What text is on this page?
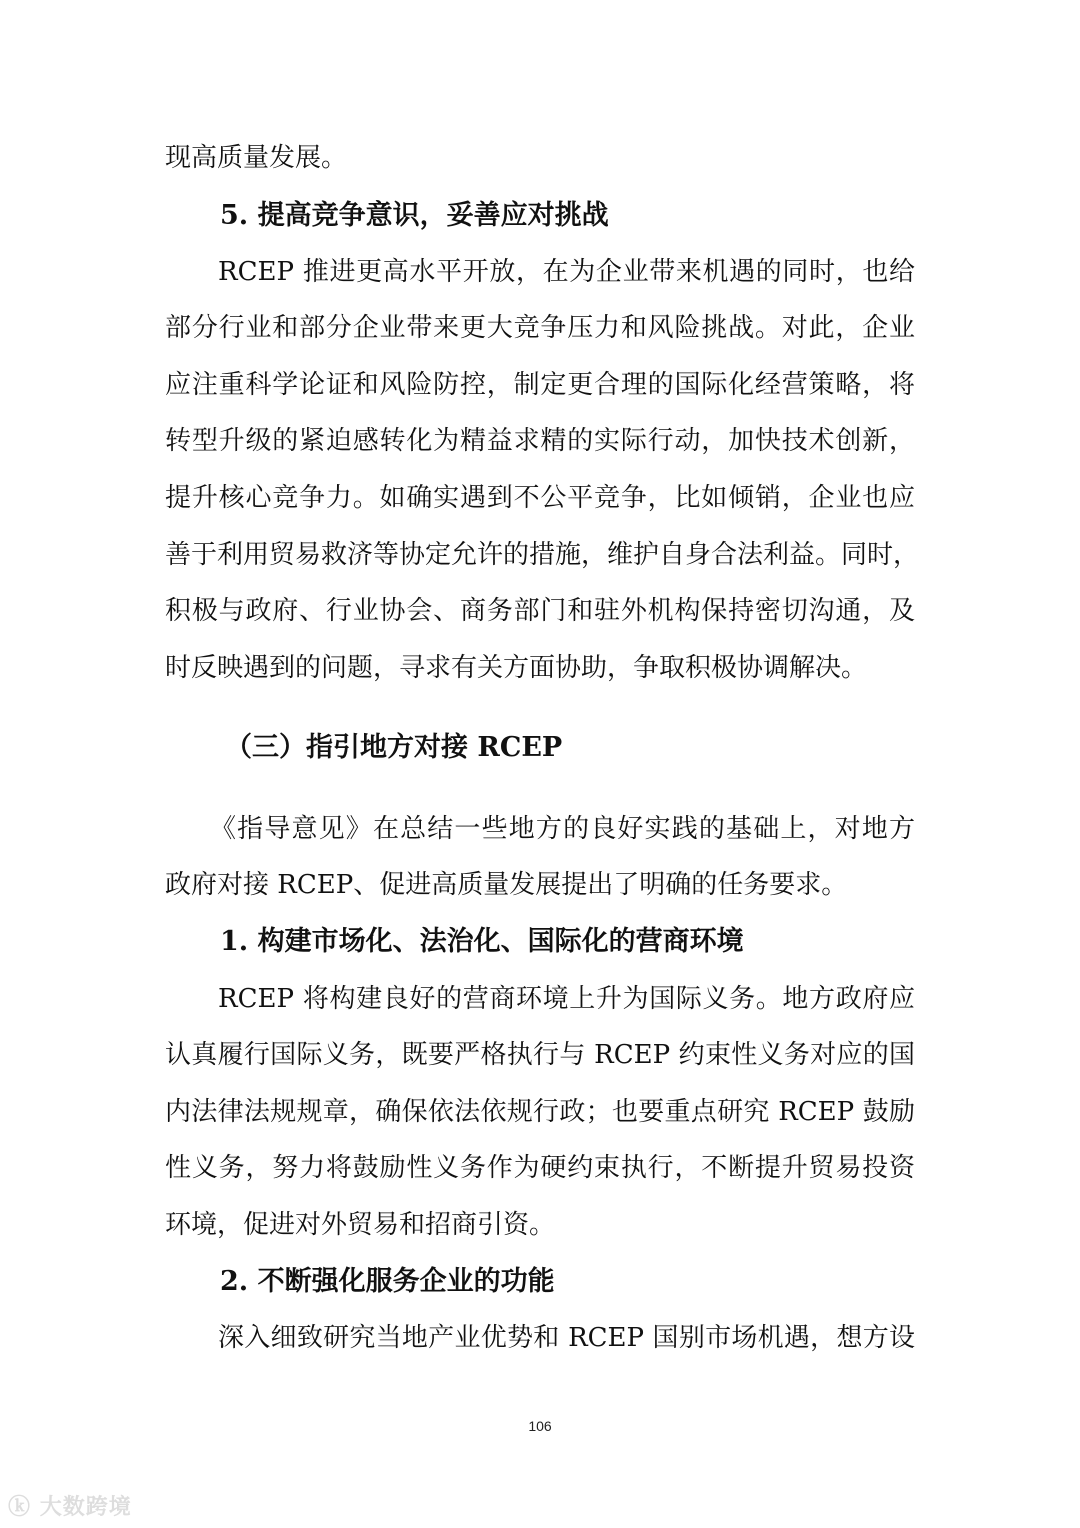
现高质量发展。
5. 提高竞争意识，妥善应对挑战
RCEP 推进更高水平开放，在为企业带来机遇的同时，也给
部分行业和部分企业带来更大竞争压力和风险挑战。对此，企业
应注重科学论证和风险防控，制定更合理的国际化经营策略，将
转型升级的紧迫感转化为精益求精的实际行动，加快技术创新，
提升核心竞争力。如确实遇到不公平竞争，比如倾销，企业也应
善于利用贸易救济等协定允许的措施，维护自身合法利益。同时，
积极与政府、行业协会、商务部门和驻外机构保持密切沟通，及
时反映遇到的问题，寻求有关方面协助，争取积极协调解决。
（三）指引地方对接 RCEP
《指导意见》在总结一些地方的良好实践的基础上，对地方
政府对接 RCEP、促进高质量发展提出了明确的任务要求。
1. 构建市场化、法治化、国际化的营商环境
RCEP 将构建良好的营商环境上升为国际义务。地方政府应
认真履行国际义务，既要严格执行与 RCEP 约束性义务对应的国
内法律法规规章，确保依法依规行政；也要重点研究 RCEP 鼓励
性义务，努力将鼓励性义务作为硬约束执行，不断提升贸易投资
环境，促进对外贸易和招商引资。
2. 不断强化服务企业的功能
深入细致研究当地产业优势和 RCEP 国别市场机遇，想方设
106
ⓚ 大数跨境
